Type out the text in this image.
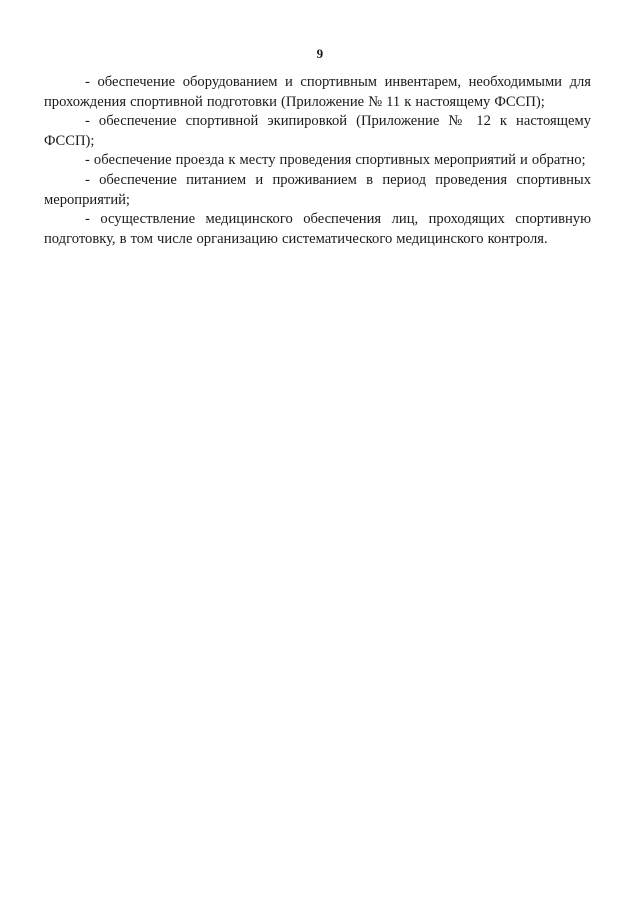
9

- обеспечение оборудованием и спортивным инвентарем, необходимыми для прохождения спортивной подготовки (Приложение № 11 к настоящему ФССП);

- обеспечение спортивной экипировкой (Приложение № 12 к настоящему ФССП);

- обеспечение проезда к месту проведения спортивных мероприятий и обратно;

- обеспечение питанием и проживанием в период проведения спортивных мероприятий;

- осуществление медицинского обеспечения лиц, проходящих спортивную подготовку, в том числе организацию систематического медицинского контроля.
